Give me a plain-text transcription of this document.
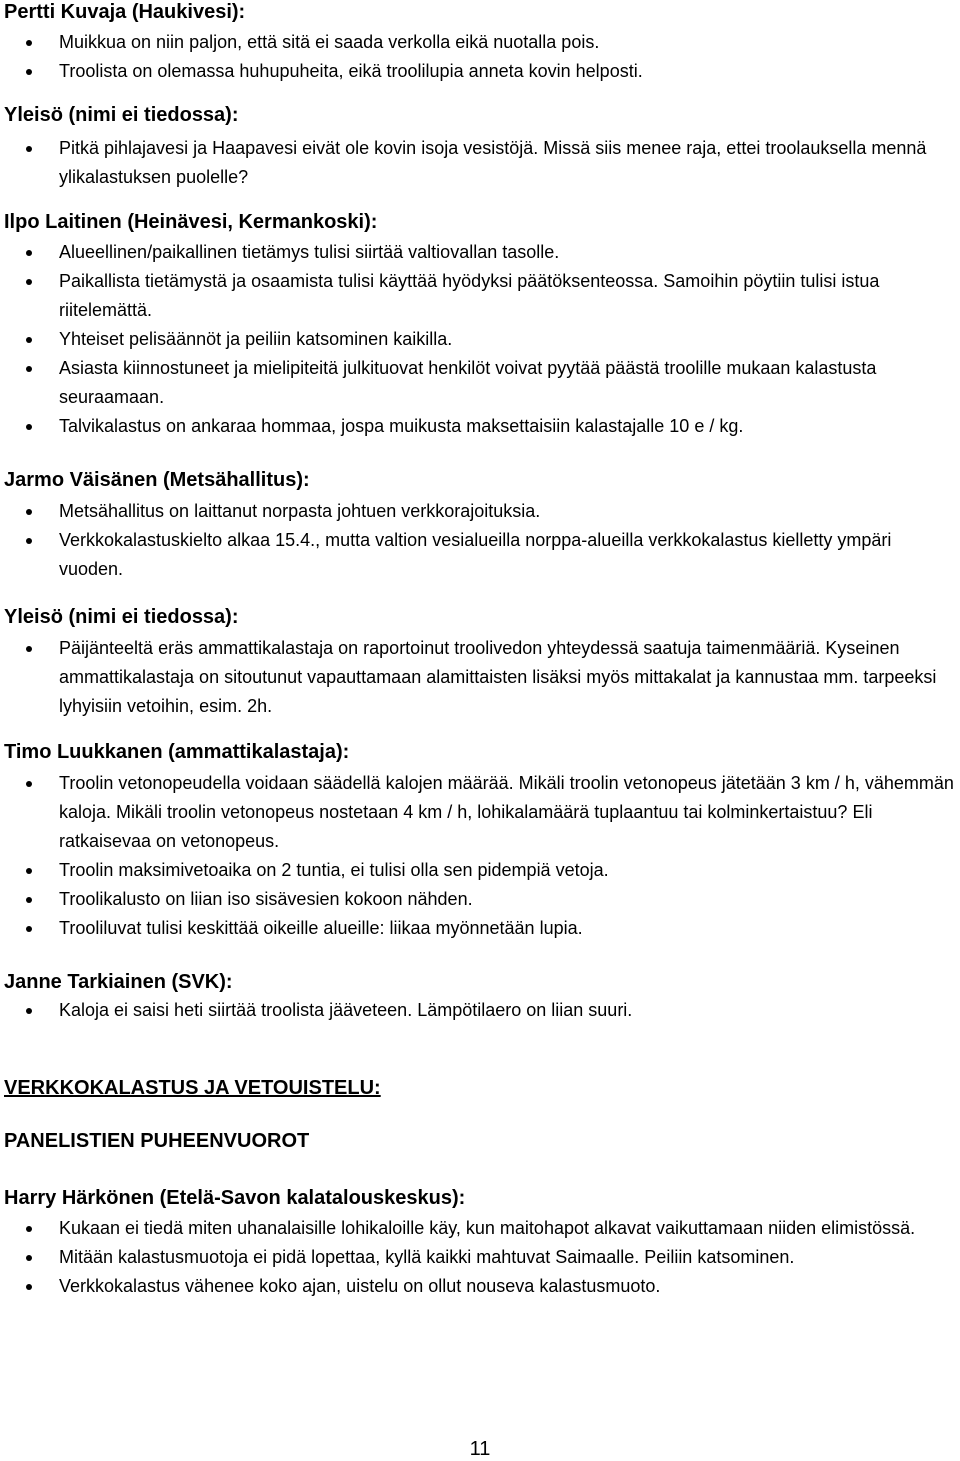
Pertti Kuvaja (Haukivesi):

Muikkua on niin paljon, että sitä ei saada verkolla eikä nuotalla pois.
Troolista on olemassa huhupuheita, eikä troolilupia anneta kovin helposti.

Yleisö (nimi ei tiedossa):

Pitkä pihlajavesi ja Haapavesi eivät ole kovin isoja vesistöjä. Missä siis menee raja, ettei troolauksella mennä ylikalastuksen puolelle?

Ilpo Laitinen (Heinävesi, Kermankoski):

Alueellinen/paikallinen tietämys tulisi siirtää valtiovallan tasolle.
Paikallista tietämystä ja osaamista tulisi käyttää hyödyksi päätöksenteossa. Samoihin pöytiin tulisi istua riitelemättä.
Yhteiset pelisäännöt ja peiliin katsominen kaikilla.
Asiasta kiinnostuneet ja mielipiteitä julkituovat henkilöt voivat pyytää päästä troolille mukaan kalastusta seuraamaan.
Talvikalastus on ankaraa hommaa, jospa muikusta maksettaisiin kalastajalle 10 e / kg.

Jarmo Väisänen (Metsähallitus):

Metsähallitus on laittanut norpasta johtuen verkkorajoituksia.
Verkkokalastuskielto alkaa 15.4., mutta valtion vesialueilla norppa-alueilla verkkokalastus kielletty ympäri vuoden.

Yleisö (nimi ei tiedossa):

Päijänteeltä eräs ammattikalastaja on raportoinut troolivedon yhteydessä saatuja taimenmääriä. Kyseinen ammattikalastaja on sitoutunut vapauttamaan alamittaisten lisäksi myös mittakalat ja kannustaa mm. tarpeeksi lyhyisiin vetoihin, esim. 2h.

Timo Luukkanen (ammattikalastaja):

Troolin vetonopeudella voidaan säädellä kalojen määrää. Mikäli troolin vetonopeus jätetään 3 km / h, vähemmän kaloja. Mikäli troolin vetonopeus nostetaan 4 km / h, lohikalamäärä tuplaantuu tai kolminkertaistuu? Eli ratkaisevaa on vetonopeus.
Troolin maksimivetoaika on 2 tuntia, ei tulisi olla sen pidempiä vetoja.
Troolikalusto on liian iso sisävesien kokoon nähden.
Trooliluvat tulisi keskittää oikeille alueille: liikaa myönnetään lupia.

Janne Tarkiainen (SVK):

Kaloja ei saisi heti siirtää troolista jääveteen. Lämpötilaero on liian suuri.

VERKKOKALASTUS JA VETOUISTELU:

PANELISTIEN PUHEENVUOROT

Harry Härkönen (Etelä-Savon kalatalouskeskus):

Kukaan ei tiedä miten uhanalaisille lohikaloille käy, kun maitohapot alkavat vaikuttamaan niiden elimistössä.
Mitään kalastusmuotoja ei pidä lopettaa, kyllä kaikki mahtuvat Saimaalle. Peiliin katsominen.
Verkkokalastus vähenee koko ajan, uistelu on ollut nouseva kalastusmuoto.
11
